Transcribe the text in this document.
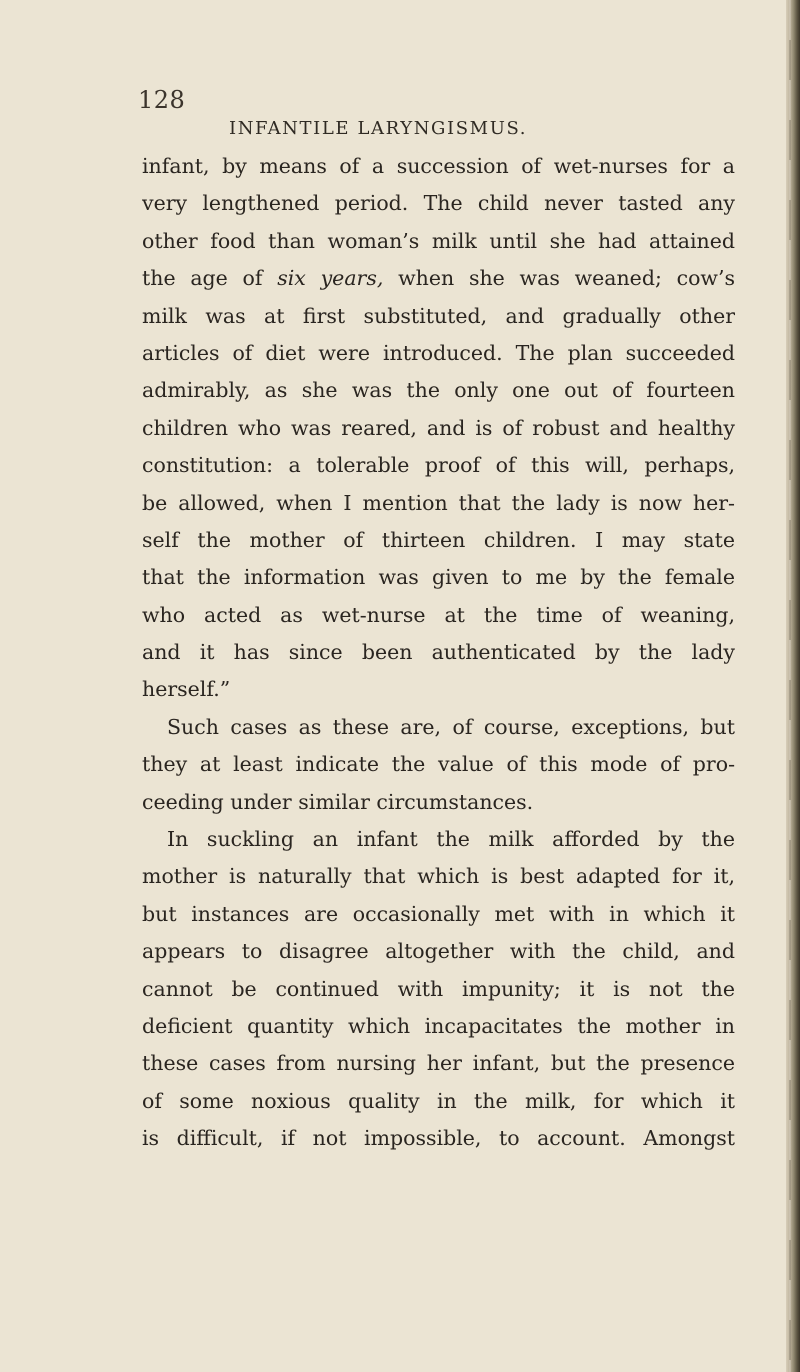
128
INFANTILE LARYNGISMUS.
infant, by means of a succession of wet-nurses for a
very lengthened period. The child never tasted any
other food than woman’s milk until she had attained
the age of six years, when she was weaned; cow’s
milk was at first substituted, and gradually other
articles of diet were introduced. The plan succeeded
admirably, as she was the only one out of fourteen
children who was reared, and is of robust and healthy
constitution: a tolerable proof of this will, perhaps,
be allowed, when I mention that the lady is now her-
self the mother of thirteen children. I may state
that the information was given to me by the female
who acted as wet-nurse at the time of weaning,
and it has since been authenticated by the lady
herself.”
Such cases as these are, of course, exceptions, but
they at least indicate the value of this mode of pro-
ceeding under similar circumstances.
In suckling an infant the milk afforded by the
mother is naturally that which is best adapted for it,
but instances are occasionally met with in which it
appears to disagree altogether with the child, and
cannot be continued with impunity; it is not the
deficient quantity which incapacitates the mother in
these cases from nursing her infant, but the presence
of some noxious quality in the milk, for which it
is difficult, if not impossible, to account. Amongst
